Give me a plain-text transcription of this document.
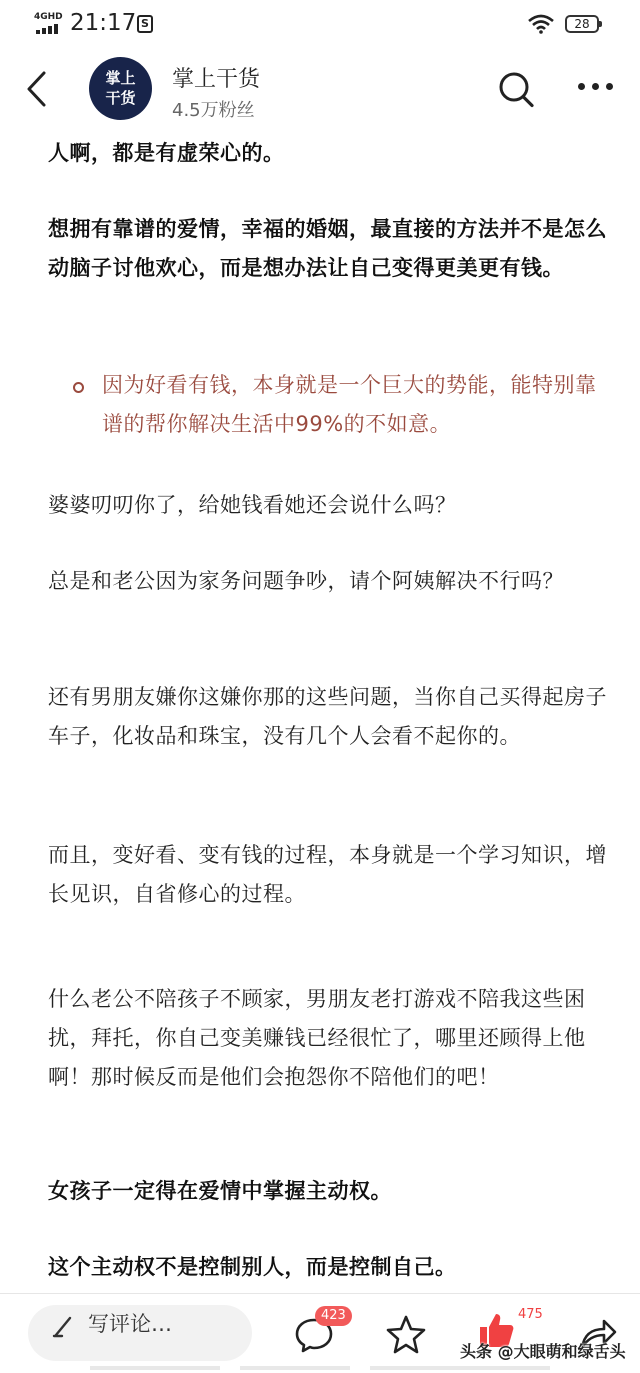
4GHD 21:17 S	28
掌上
干货
掌上干货
4.5万粉丝
人啊，都是有虚荣心的。
想拥有靠谱的爱情，幸福的婚姻，最直接的方法并不是怎么动脑子讨他欢心，而是想办法让自己变得更美更有钱。
因为好看有钱，本身就是一个巨大的势能，能特别靠谱的帮你解决生活中99%的不如意。
婆婆叨叨你了，给她钱看她还会说什么吗？
总是和老公因为家务问题争吵，请个阿姨解决不行吗？
还有男朋友嫌你这嫌你那的这些问题，当你自己买得起房子车子，化妆品和珠宝，没有几个人会看不起你的。
而且，变好看、变有钱的过程，本身就是一个学习知识，增长见识，自省修心的过程。
什么老公不陪孩子不顾家，男朋友老打游戏不陪我这些困扰，拜托，你自己变美赚钱已经很忙了，哪里还顾得上他啊！那时候反而是他们会抱怨你不陪他们的吧！
女孩子一定得在爱情中掌握主动权。
这个主动权不是控制别人，而是控制自己。
写评论…	423	475
头条 @大眼萌和绿舌头
